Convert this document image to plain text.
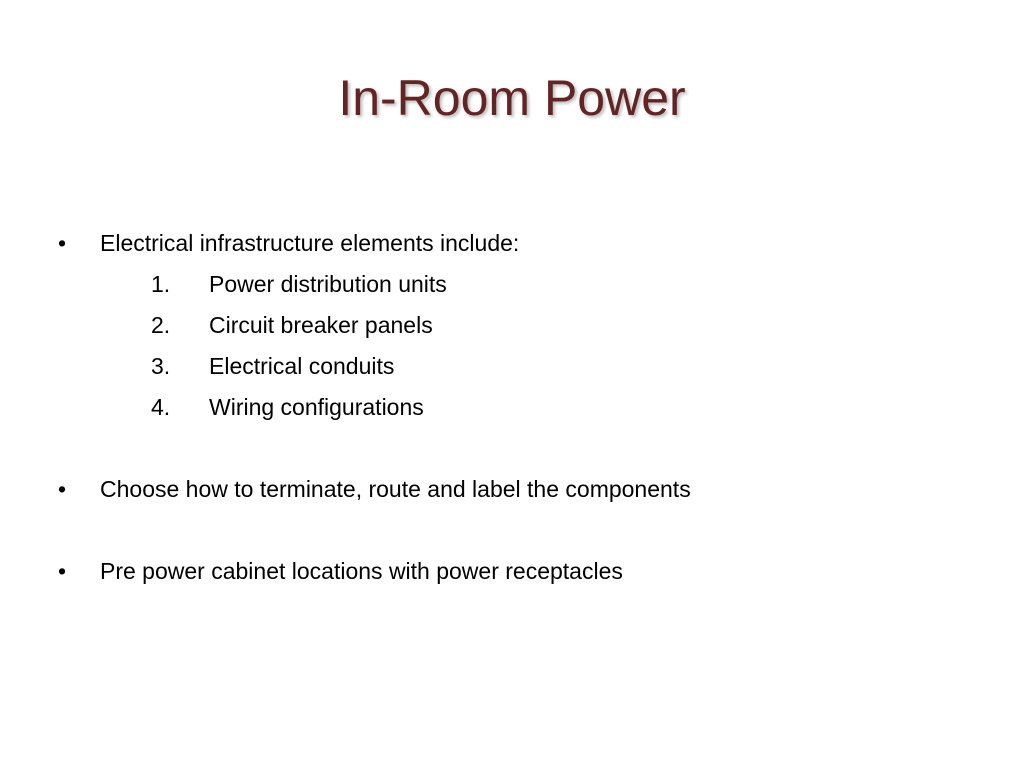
In-Room Power
•	Electrical infrastructure elements include:
1. Power distribution units
2. Circuit breaker panels
3. Electrical conduits
4. Wiring configurations
•	Choose how to terminate, route and label the components
•	Pre power cabinet locations with power receptacles
